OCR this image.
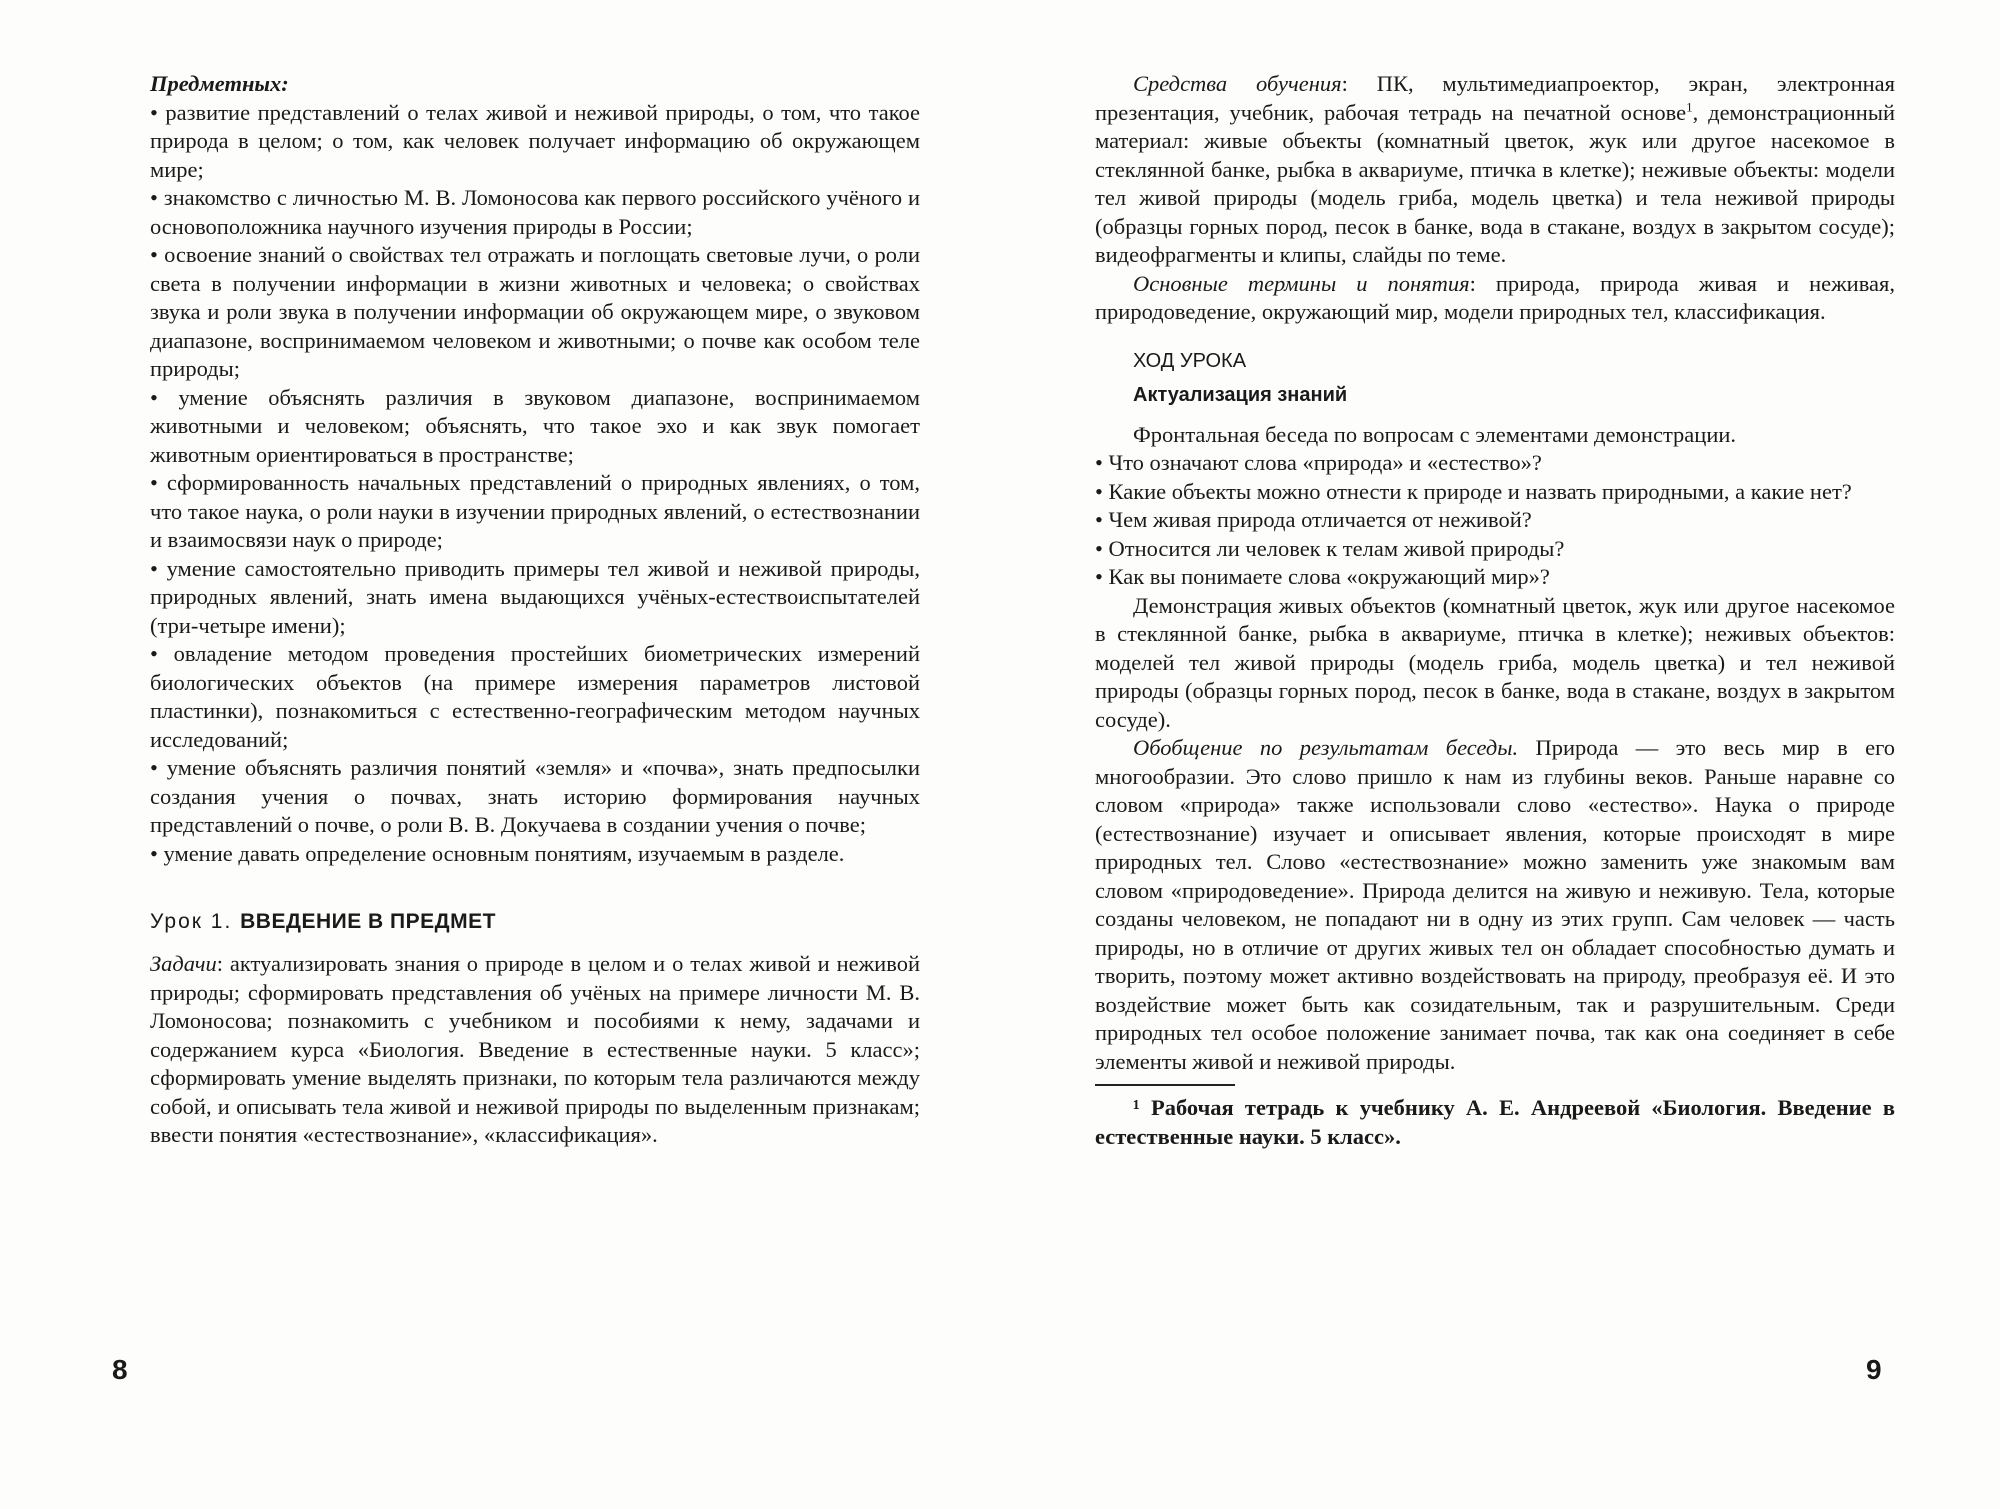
Предметных:

• развитие представлений о телах живой и неживой природы, о том, что такое природа в целом; о том, как человек получает информацию об окружающем мире;

• знакомство с личностью М. В. Ломоносова как первого российского учёного и основоположника научного изучения природы в России;

• освоение знаний о свойствах тел отражать и поглощать световые лучи, о роли света в получении информации в жизни животных и человека; о свойствах звука и роли звука в получении информации об окружающем мире, о звуковом диапазоне, воспринимаемом человеком и животными; о почве как особом теле природы;

• умение объяснять различия в звуковом диапазоне, воспринимаемом животными и человеком; объяснять, что такое эхо и как звук помогает животным ориентироваться в пространстве;

• сформированность начальных представлений о природных явлениях, о том, что такое наука, о роли науки в изучении природных явлений, о естествознании и взаимосвязи наук о природе;

• умение самостоятельно приводить примеры тел живой и неживой природы, природных явлений, знать имена выдающихся учёных-естествоиспытателей (три-четыре имени);

• овладение методом проведения простейших биометрических измерений биологических объектов (на примере измерения параметров листовой пластинки), познакомиться с естественно-географическим методом научных исследований;

• умение объяснять различия понятий «земля» и «почва», знать предпосылки создания учения о почвах, знать историю формирования научных представлений о почве, о роли В. В. Докучаева в создании учения о почве;

• умение давать определение основным понятиям, изучаемым в разделе.

Урок 1. ВВЕДЕНИЕ В ПРЕДМЕТ

Задачи: актуализировать знания о природе в целом и о телах живой и неживой природы; сформировать представления об учёных на примере личности М. В. Ломоносова; познакомить с учебником и пособиями к нему, задачами и содержанием курса «Биология. Введение в естественные науки. 5 класс»; сформировать умение выделять признаки, по которым тела различаются между собой, и описывать тела живой и неживой природы по выделенным признакам; ввести понятия «естествознание», «классификация».

Средства обучения: ПК, мультимедиапроектор, экран, электронная презентация, учебник, рабочая тетрадь на печатной основе$^1$, демонстрационный материал: живые объекты (комнатный цветок, жук или другое насекомое в стеклянной банке, рыбка в аквариуме, птичка в клетке); неживые объекты: модели тел живой природы (модель гриба, модель цветка) и тела неживой природы (образцы горных пород, песок в банке, вода в стакане, воздух в закрытом сосуде); видеофрагменты и клипы, слайды по теме.

Основные термины и понятия: природа, природа живая и неживая, природоведение, окружающий мир, модели природных тел, классификация.

ХОД УРОКА
Актуализация знаний

Фронтальная беседа по вопросам с элементами демонстрации.

• Что означают слова «природа» и «естество»?

• Какие объекты можно отнести к природе и назвать природными, а какие нет?

• Чем живая природа отличается от неживой?

• Относится ли человек к телам живой природы?

• Как вы понимаете слова «окружающий мир»?

Демонстрация живых объектов (комнатный цветок, жук или другое насекомое в стеклянной банке, рыбка в аквариуме, птичка в клетке); неживых объектов: моделей тел живой природы (модель гриба, модель цветка) и тел неживой природы (образцы горных пород, песок в банке, вода в стакане, воздух в закрытом сосуде).

Обобщение по результатам беседы. Природа — это весь мир в его многообразии. Это слово пришло к нам из глубины веков. Раньше наравне со словом «природа» также использовали слово «естество». Наука о природе (естествознание) изучает и описывает явления, которые происходят в мире природных тел. Слово «естествознание» можно заменить уже знакомым вам словом «природоведение». Природа делится на живую и неживую. Тела, которые созданы человеком, не попадают ни в одну из этих групп. Сам человек — часть природы, но в отличие от других живых тел он обладает способностью думать и творить, поэтому может активно воздействовать на природу, преобразуя её. И это воздействие может быть как созидательным, так и разрушительным. Среди природных тел особое положение занимает почва, так как она соединяет в себе элементы живой и неживой природы.

¹ Рабочая тетрадь к учебнику А. Е. Андреевой «Биология. Введение в естественные науки. 5 класс».

8	9
